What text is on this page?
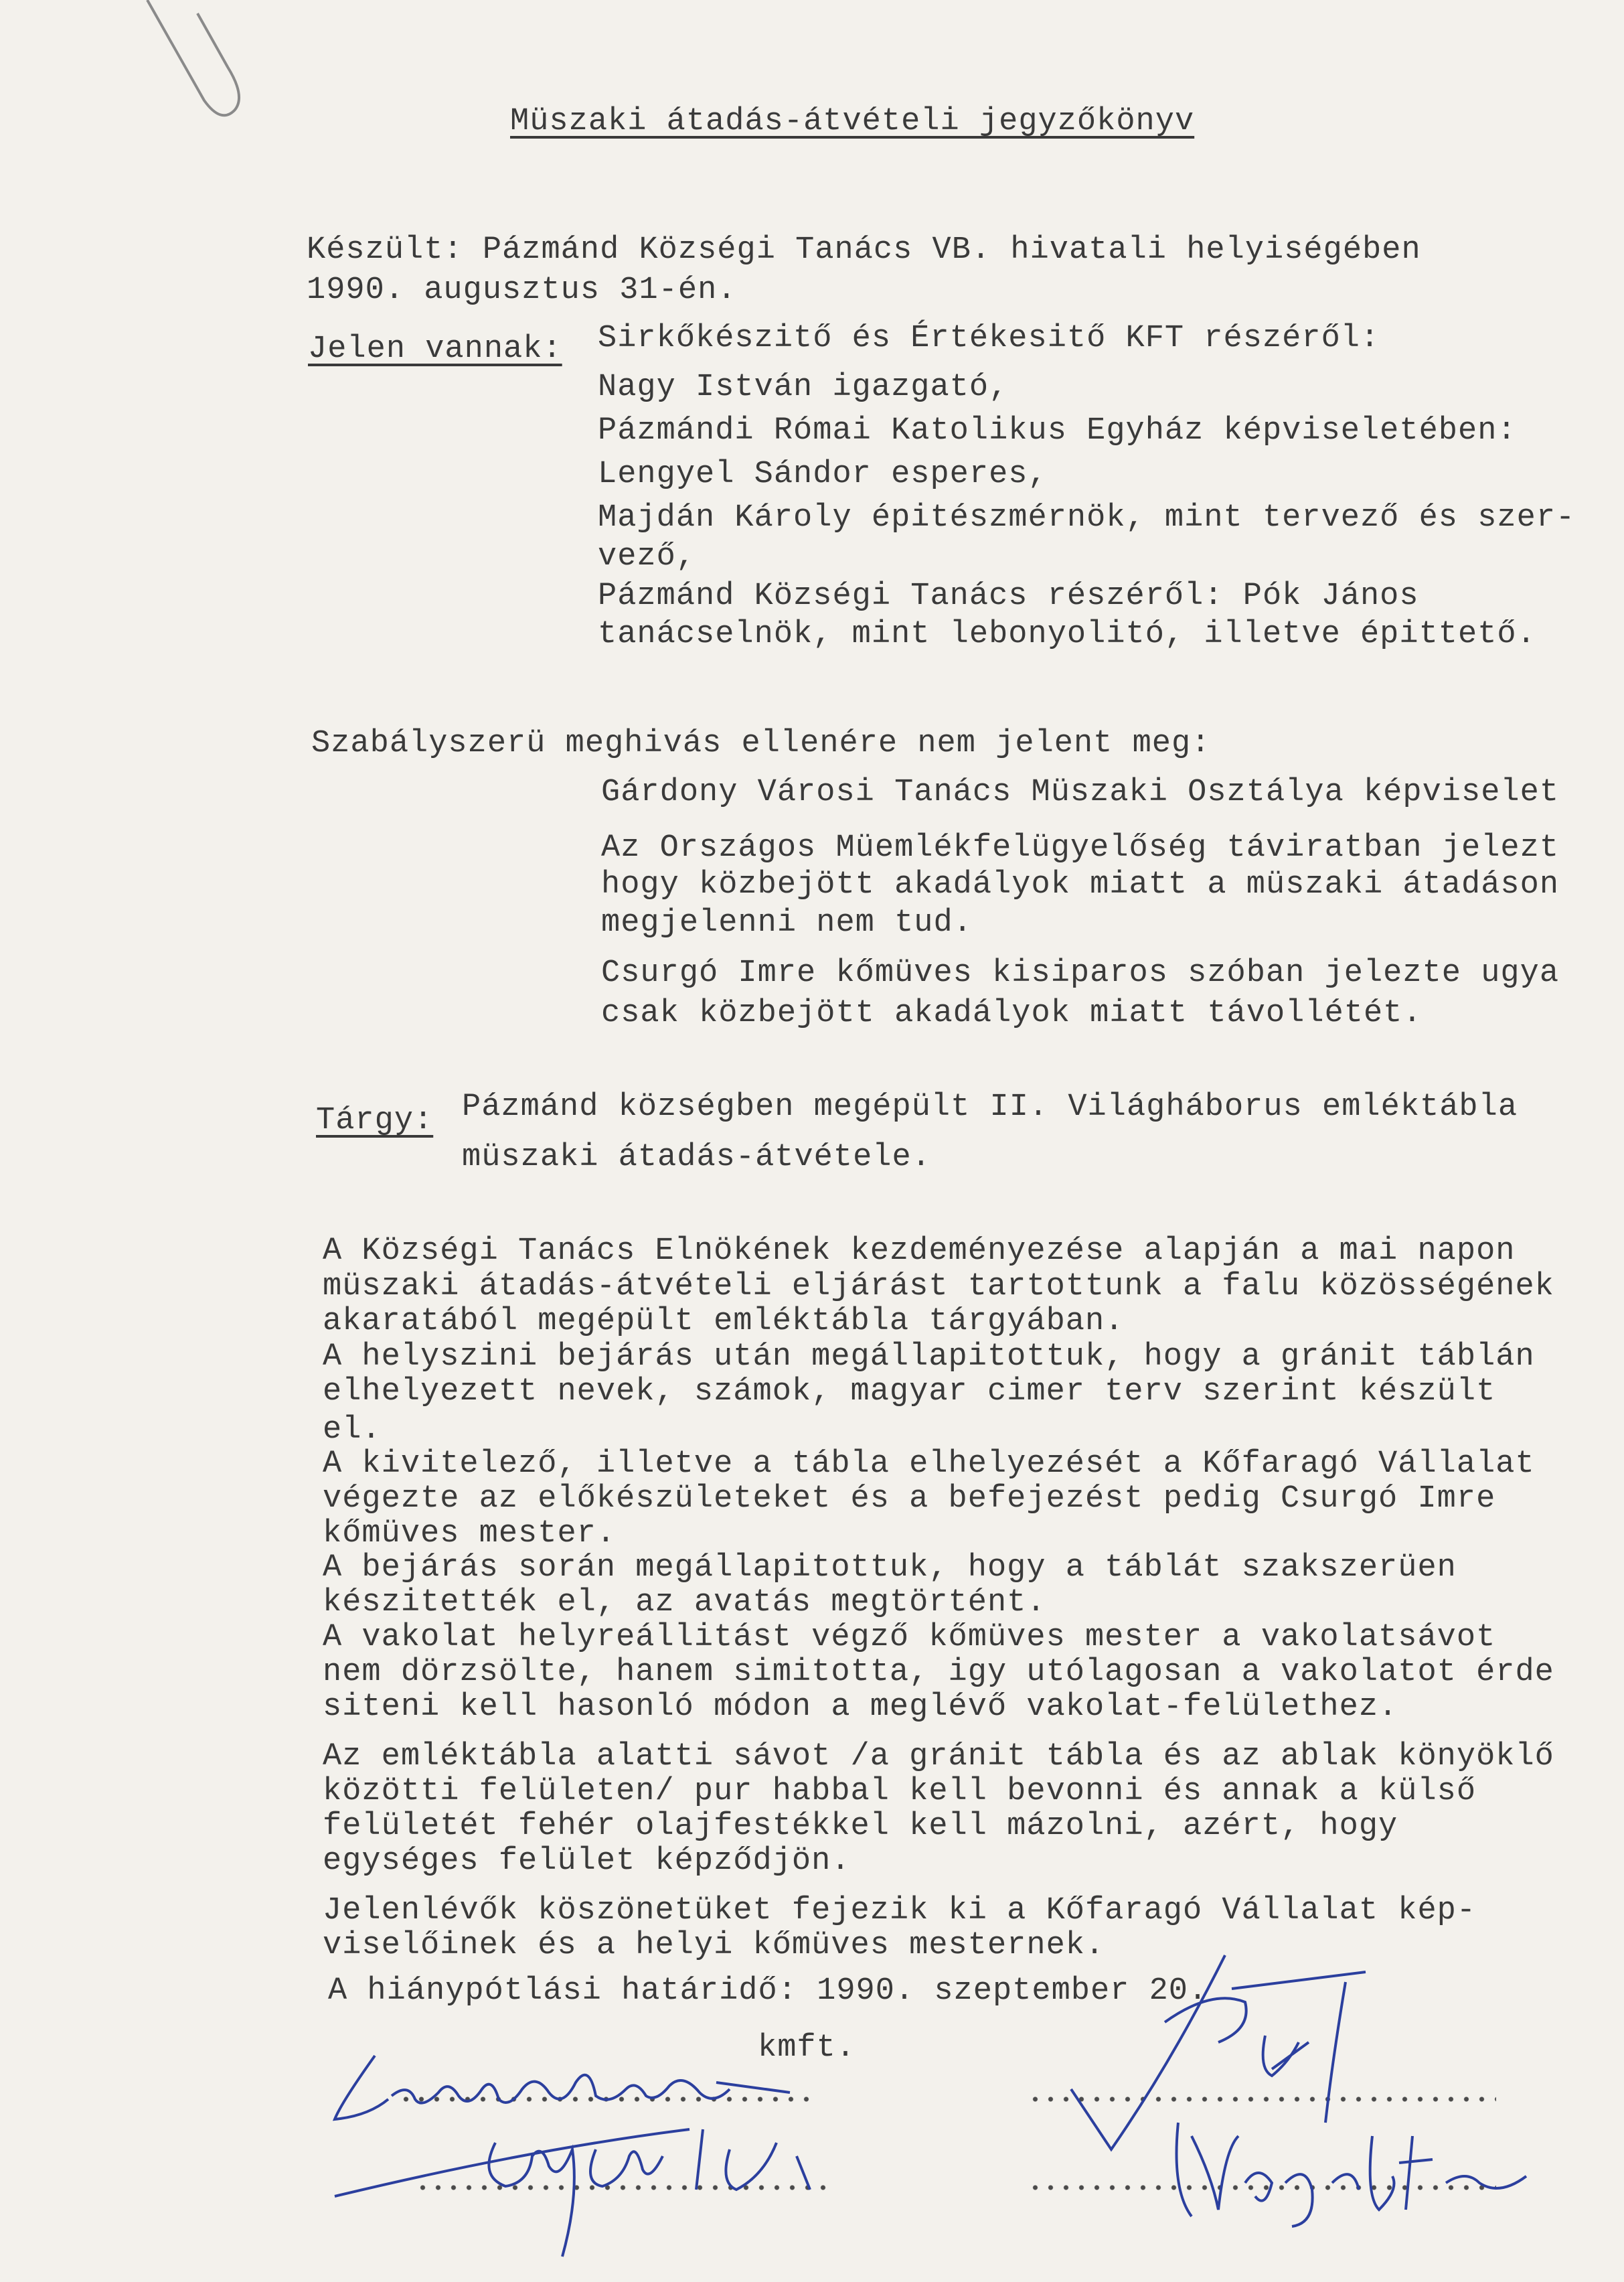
Müszaki átadás-átvételi jegyzőkönyv
Készült: Pázmánd Községi Tanács VB. hivatali helyiségében
1990. augusztus 31-én.
Jelen vannak: Sirkőkészitő és Értékesitő KFT részéről:
Nagy István igazgató,
Pázmándi Római Katolikus Egyház képviseletében:
Lengyel Sándor esperes,
Majdán Károly épitészmérnök, mint tervező és szer-
vező,
Pázmánd Községi Tanács részéről: Pók János
tanácselnök, mint lebonyolitó, illetve épittető.
Szabályszerü meghivás ellenére nem jelent meg:
Gárdony Városi Tanács Müszaki Osztálya képviselet
Az Országos Müemlékfelügyelőség táviratban jelezt
hogy közbejött akadályok miatt a müszaki átadáson
megjelenni nem tud.
Csurgó Imre kőmüves kisiparos szóban jelezte ugya
csak közbejött akadályok miatt távollétét.
Tárgy: Pázmánd községben megépült II. Világháborus emléktábla
müszaki átadás-átvétele.
A Községi Tanács Elnökének kezdeményezése alapján a mai napon
müszaki átadás-átvételi eljárást tartottunk a falu közösségének
akaratából megépült emléktábla tárgyában.
A helyszini bejárás után megállapitottuk, hogy a gránit táblán
elhelyezett nevek, számok, magyar cimer terv szerint készült
el.
A kivitelező, illetve a tábla elhelyezését a Kőfaragó Vállalat
végezte az előkészületeket és a befejezést pedig Csurgó Imre
kőmüves mester.
A bejárás során megállapitottuk, hogy a táblát szakszerüen
készitették el, az avatás megtörtént.
A vakolat helyreállitást végző kőmüves mester a vakolatsávot
nem dörzsölte, hanem simitotta, igy utólagosan a vakolatot érde
siteni kell hasonló módon a meglévő vakolat-felülethez.
Az emléktábla alatti sávot /a gránit tábla és az ablak könyöklő
közötti felületen/ pur habbal kell bevonni és annak a külső
felületét fehér olajfestékkel kell mázolni, azért, hogy
egységes felület képződjön.
Jelenlévők köszönetüket fejezik ki a Kőfaragó Vállalat kép-
viselőinek és a helyi kőmüves mesternek.
A hiánypótlási határidő: 1990. szeptember 20.
kmft.
